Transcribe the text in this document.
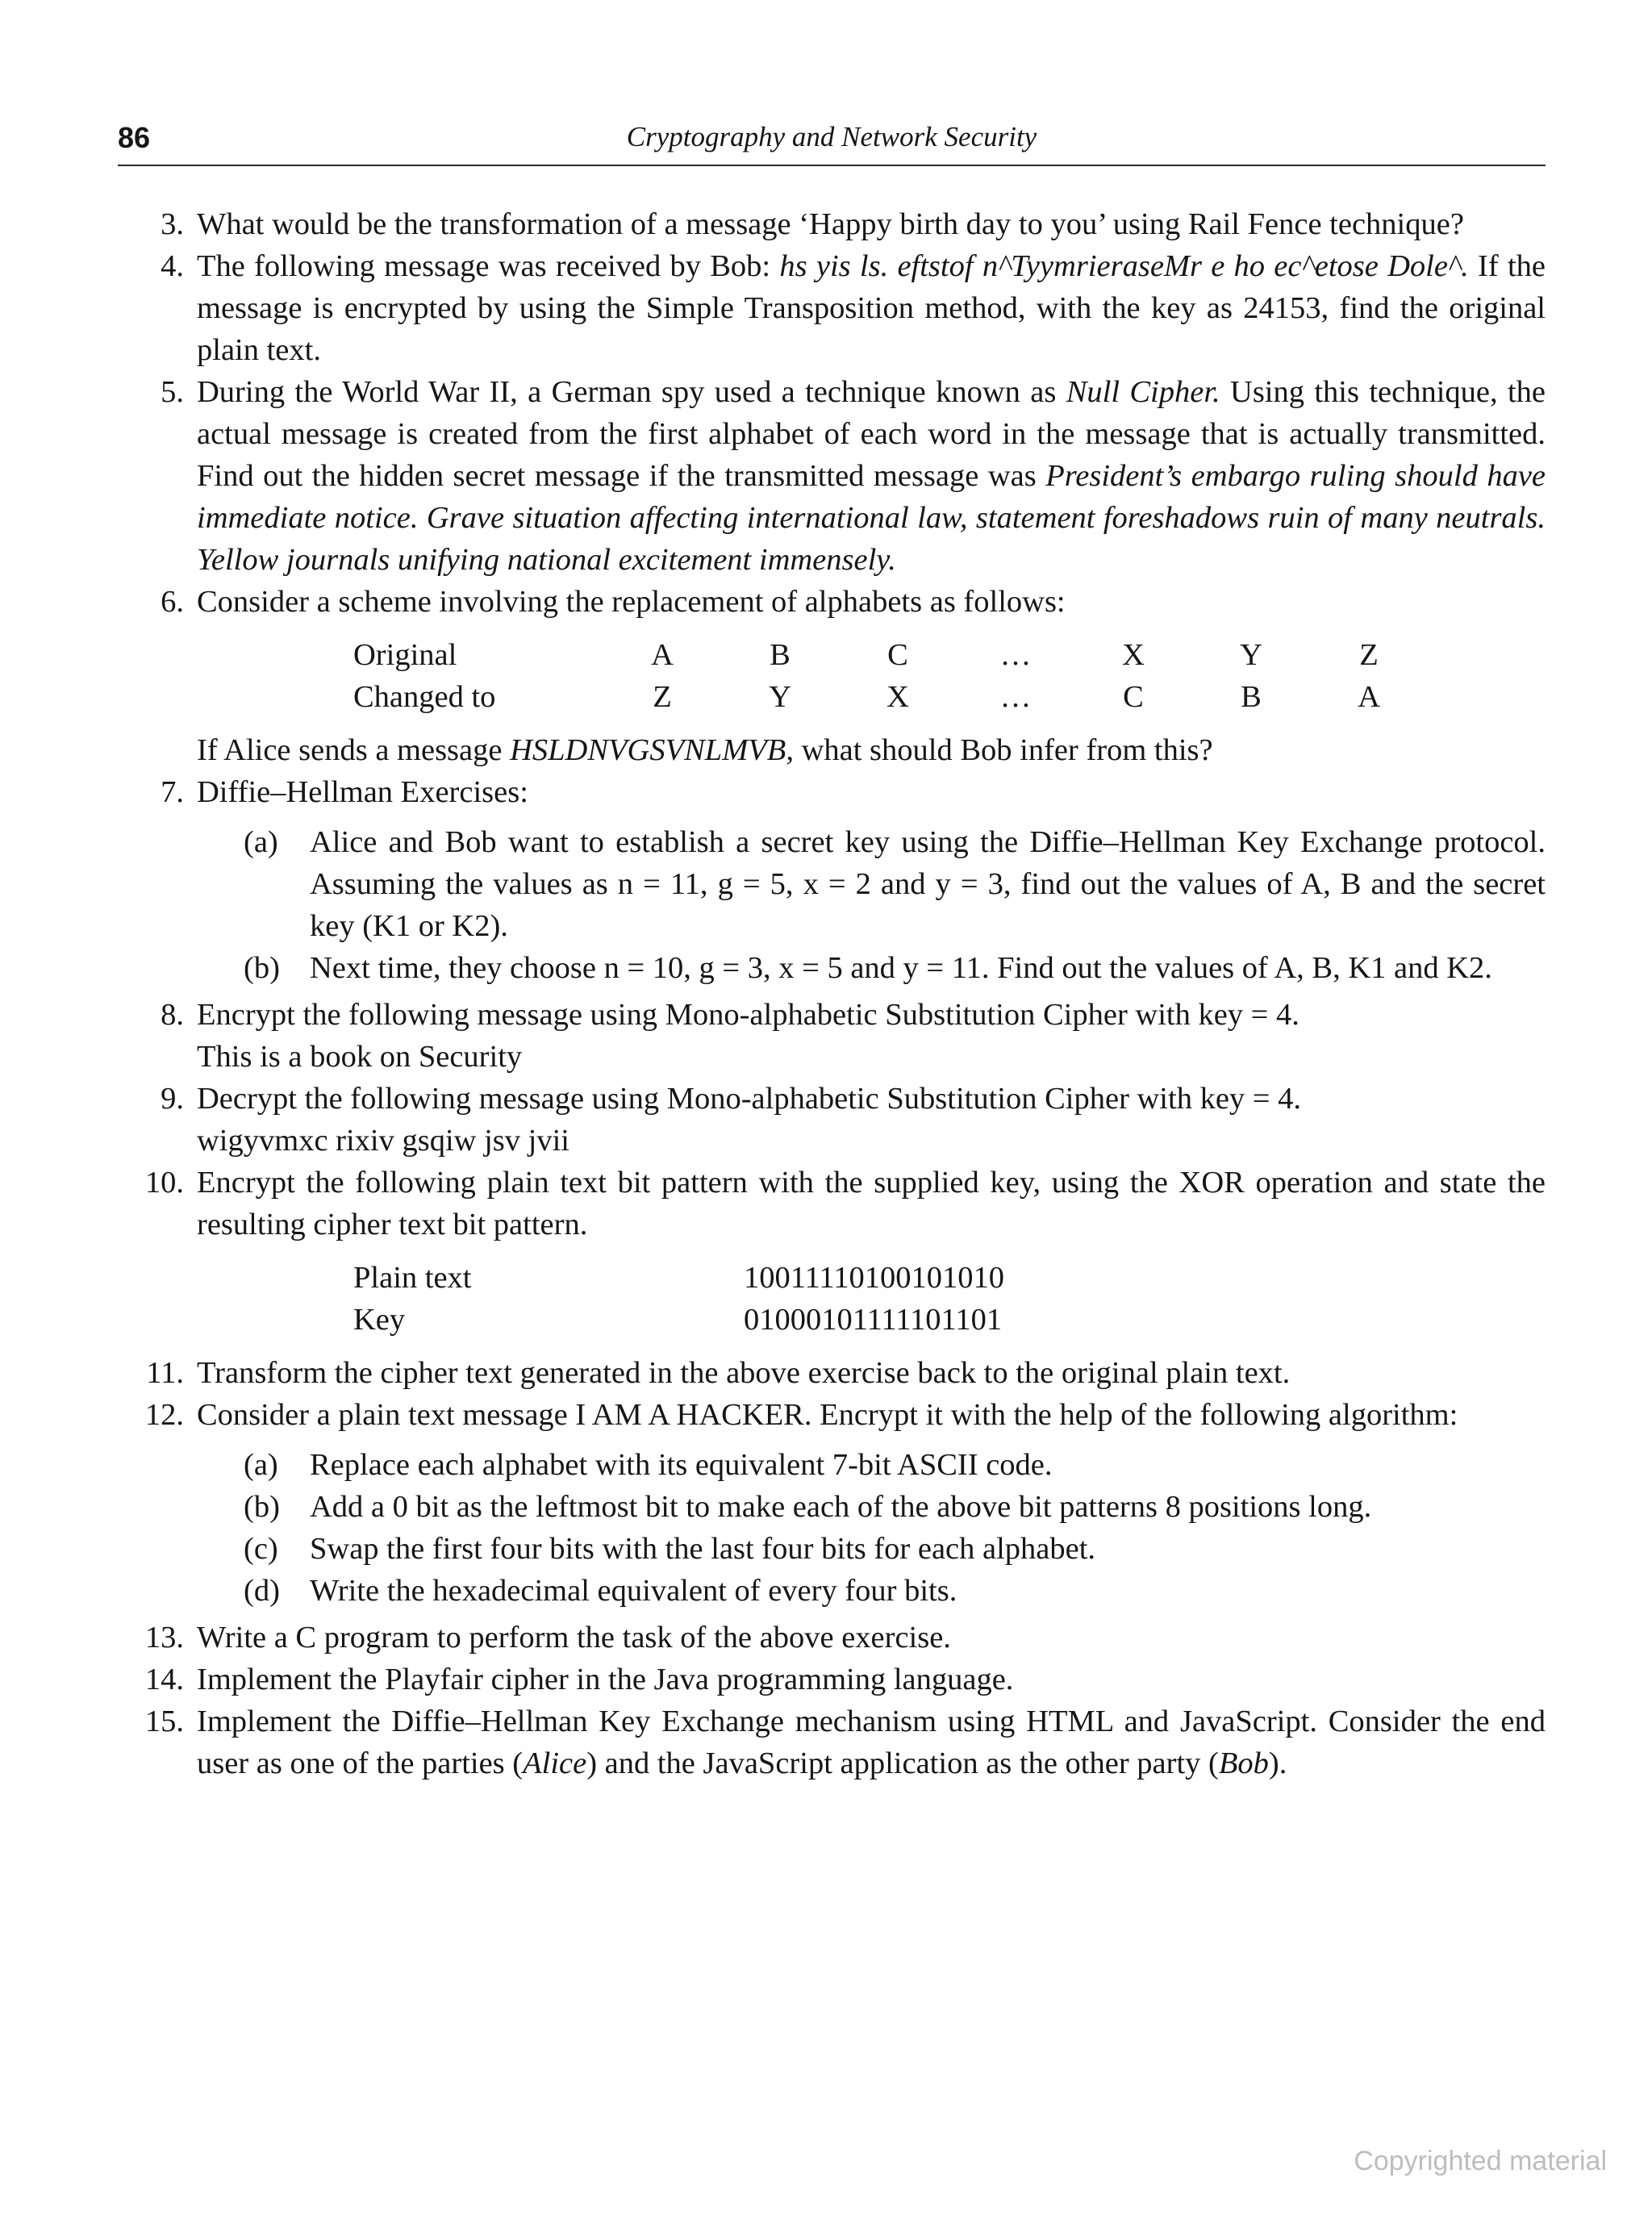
86	Cryptography and Network Security
3. What would be the transformation of a message ‘Happy birth day to you’ using Rail Fence technique?
4. The following message was received by Bob: hs yis ls. eftstof n^TyymrieraseMr e ho ec^etose Dole^. If the message is encrypted by using the Simple Transposition method, with the key as 24153, find the original plain text.
5. During the World War II, a German spy used a technique known as Null Cipher. Using this technique, the actual message is created from the first alphabet of each word in the message that is actually transmitted. Find out the hidden secret message if the transmitted message was President’s embargo ruling should have immediate notice. Grave situation affecting international law, statement foreshadows ruin of many neutrals. Yellow journals unifying national excitement immensely.
6. Consider a scheme involving the replacement of alphabets as follows:
Original	A	B	C	…	X	Y	Z
Changed to	Z	Y	X	…	C	B	A
If Alice sends a message HSLDNVGSVNLMVB, what should Bob infer from this?
7. Diffie–Hellman Exercises:
(a) Alice and Bob want to establish a secret key using the Diffie–Hellman Key Exchange protocol. Assuming the values as n = 11, g = 5, x = 2 and y = 3, find out the values of A, B and the secret key (K1 or K2).
(b) Next time, they choose n = 10, g = 3, x = 5 and y = 11. Find out the values of A, B, K1 and K2.
8. Encrypt the following message using Mono-alphabetic Substitution Cipher with key = 4.
This is a book on Security
9. Decrypt the following message using Mono-alphabetic Substitution Cipher with key = 4.
wigyvmxc rixiv gsqiw jsv jvii
10. Encrypt the following plain text bit pattern with the supplied key, using the XOR operation and state the resulting cipher text bit pattern.
Plain text	10011110100101010
Key	01000101111101101
11. Transform the cipher text generated in the above exercise back to the original plain text.
12. Consider a plain text message I AM A HACKER. Encrypt it with the help of the following algorithm:
(a) Replace each alphabet with its equivalent 7-bit ASCII code.
(b) Add a 0 bit as the leftmost bit to make each of the above bit patterns 8 positions long.
(c) Swap the first four bits with the last four bits for each alphabet.
(d) Write the hexadecimal equivalent of every four bits.
13. Write a C program to perform the task of the above exercise.
14. Implement the Playfair cipher in the Java programming language.
15. Implement the Diffie–Hellman Key Exchange mechanism using HTML and JavaScript. Consider the end user as one of the parties (Alice) and the JavaScript application as the other party (Bob).
Copyrighted material
